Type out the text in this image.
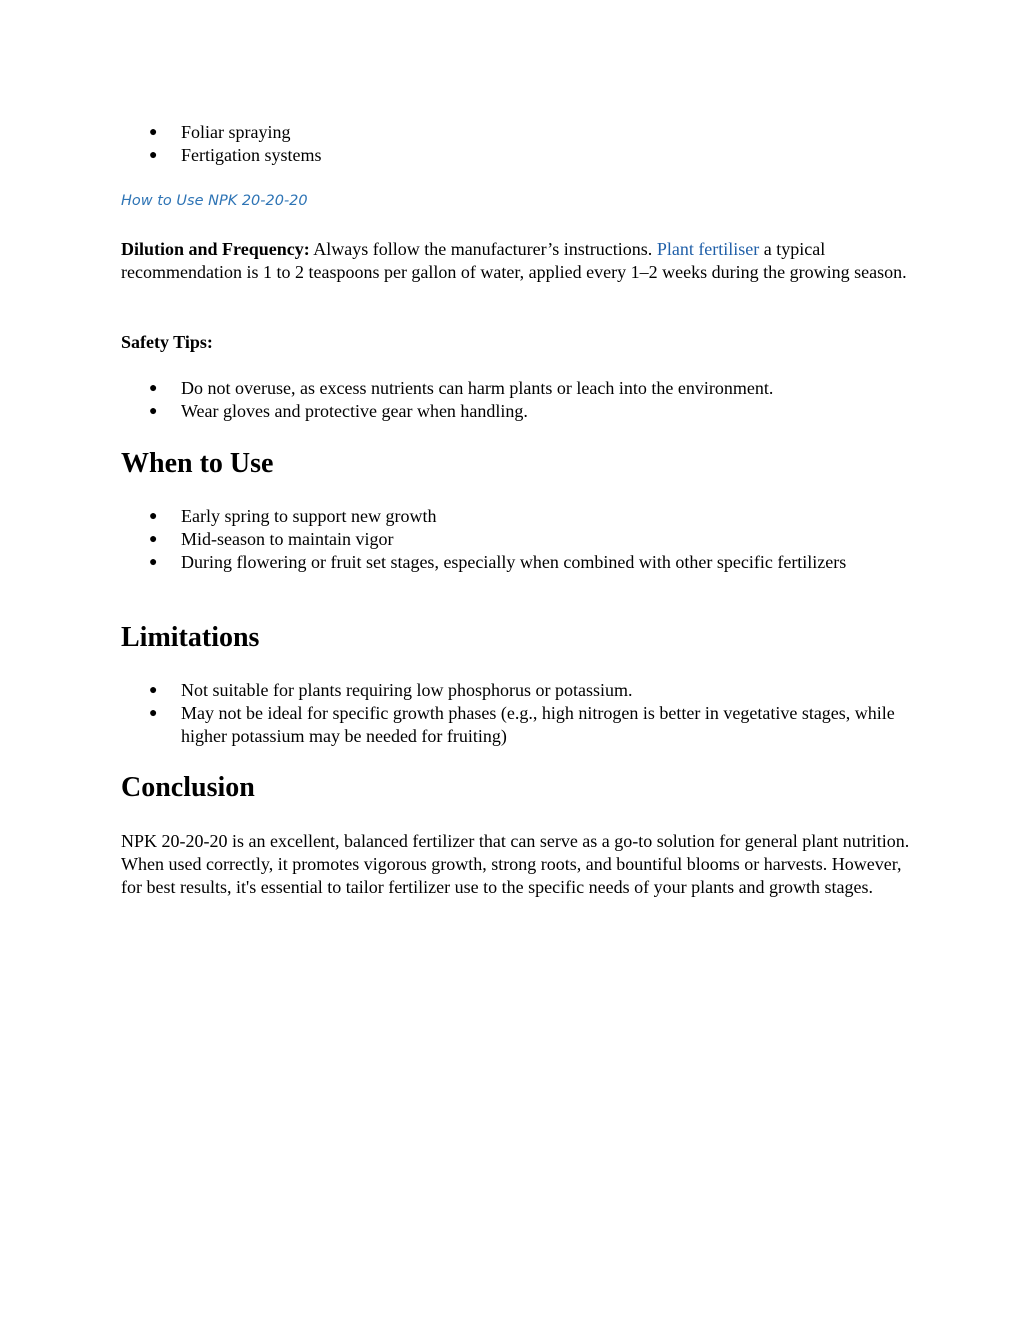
● Foliar spraying
● Fertigation systems
How to Use NPK 20-20-20

Dilution and Frequency: Always follow the manufacturer’s instructions. Plant fertiliser a typical recommendation is 1 to 2 teaspoons per gallon of water, applied every 1–2 weeks during the growing season.

Safety Tips:
● Do not overuse, as excess nutrients can harm plants or leach into the environment.
● Wear gloves and protective gear when handling.
When to Use
● Early spring to support new growth
● Mid-season to maintain vigor
● During flowering or fruit set stages, especially when combined with other specific fertilizers
Limitations
● Not suitable for plants requiring low phosphorus or potassium.
● May not be ideal for specific growth phases (e.g., high nitrogen is better in vegetative stages, while higher potassium may be needed for fruiting)
Conclusion

NPK 20-20-20 is an excellent, balanced fertilizer that can serve as a go-to solution for general plant nutrition. When used correctly, it promotes vigorous growth, strong roots, and bountiful blooms or harvests. However, for best results, it's essential to tailor fertilizer use to the specific needs of your plants and growth stages.
